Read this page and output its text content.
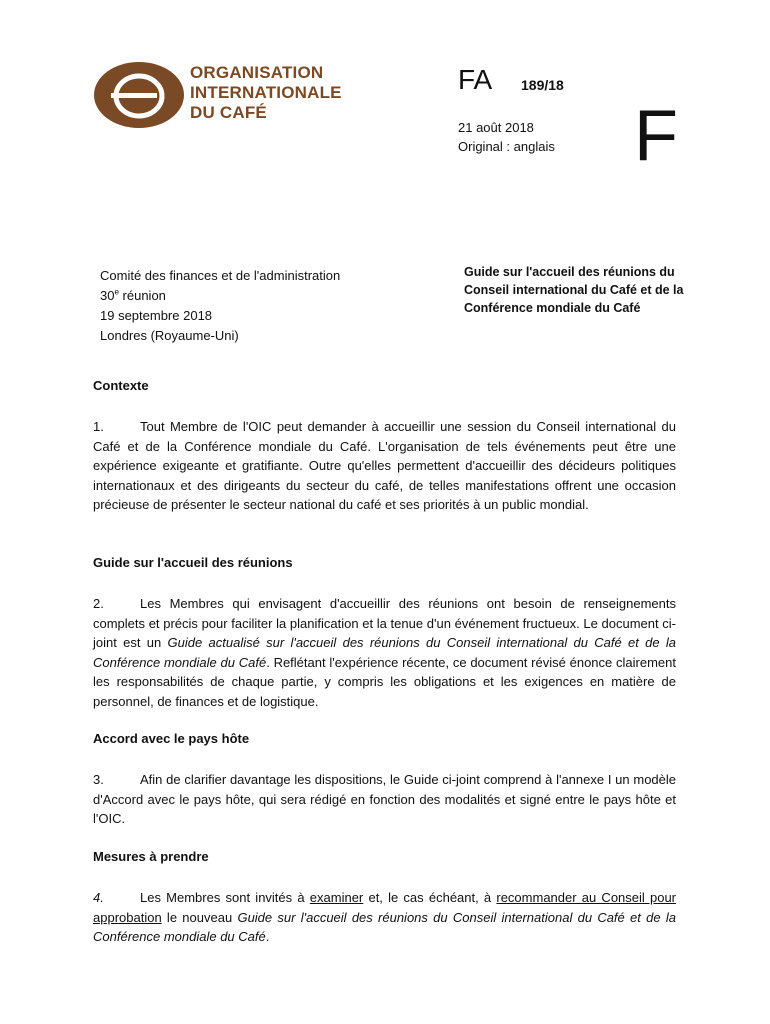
ORGANISATION
INTERNATIONALE
DU CAFÉ
FA 189/18
21 août 2018
Original : anglais F
Comité des finances et de l'administration
30e réunion
19 septembre 2018
Londres (Royaume-Uni)
Guide sur l'accueil des réunions du Conseil international du Café et de la Conférence mondiale du Café
Contexte
1.	Tout Membre de l'OIC peut demander à accueillir une session du Conseil international du Café et de la Conférence mondiale du Café. L'organisation de tels événements peut être une expérience exigeante et gratifiante. Outre qu'elles permettent d'accueillir des décideurs politiques internationaux et des dirigeants du secteur du café, de telles manifestations offrent une occasion précieuse de présenter le secteur national du café et ses priorités à un public mondial.
Guide sur l'accueil des réunions
2.	Les Membres qui envisagent d'accueillir des réunions ont besoin de renseignements complets et précis pour faciliter la planification et la tenue d'un événement fructueux. Le document ci-joint est un Guide actualisé sur l'accueil des réunions du Conseil international du Café et de la Conférence mondiale du Café. Reflétant l'expérience récente, ce document révisé énonce clairement les responsabilités de chaque partie, y compris les obligations et les exigences en matière de personnel, de finances et de logistique.
Accord avec le pays hôte
3.	Afin de clarifier davantage les dispositions, le Guide ci-joint comprend à l'annexe I un modèle d'Accord avec le pays hôte, qui sera rédigé en fonction des modalités et signé entre le pays hôte et l'OIC.
Mesures à prendre
4.	Les Membres sont invités à examiner et, le cas échéant, à recommander au Conseil pour approbation le nouveau Guide sur l'accueil des réunions du Conseil international du Café et de la Conférence mondiale du Café.
